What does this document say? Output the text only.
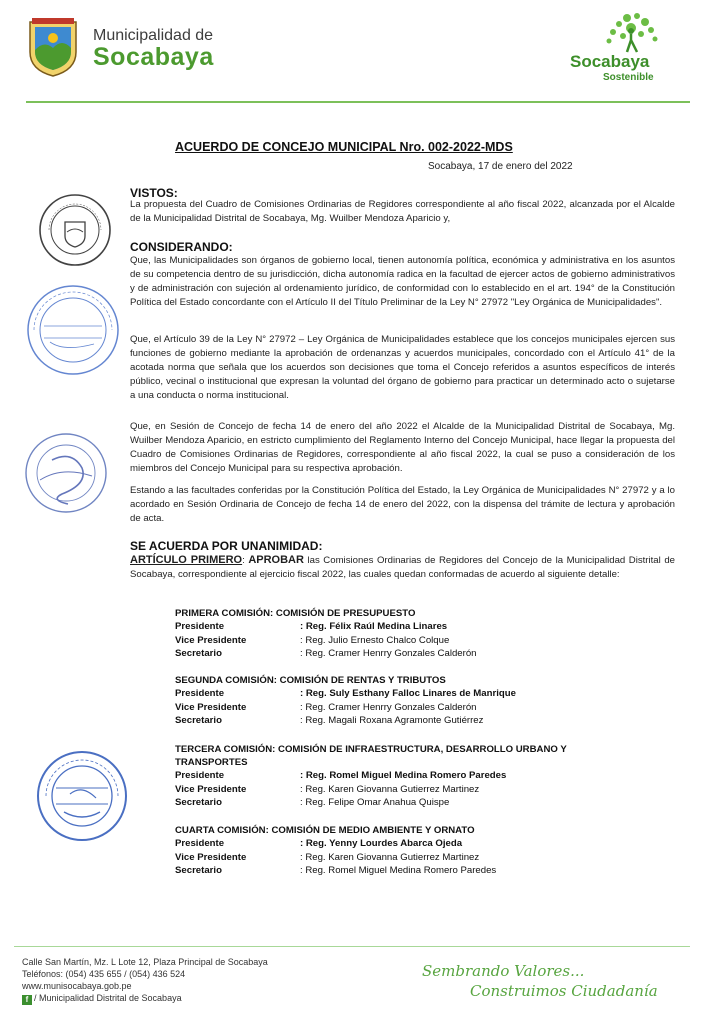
Municipalidad de
Socabaya	Socabaya
Sostenible
ACUERDO DE CONCEJO MUNICIPAL Nro. 002-2022-MDS
Socabaya, 17 de enero del 2022
VISTOS:
La propuesta del Cuadro de Comisiones Ordinarias de Regidores correspondiente al año fiscal 2022, alcanzada por el Alcalde de la Municipalidad Distrital de Socabaya, Mg. Wuilber Mendoza Aparicio y,
CONSIDERANDO:
Que, las Municipalidades son órganos de gobierno local, tienen autonomía política, económica y administrativa en los asuntos de su competencia dentro de su jurisdicción, dicha autonomía radica en la facultad de ejercer actos de gobierno administrativos y de administración con sujeción al ordenamiento jurídico, de conformidad con lo establecido en el art. 194° de la Constitución Política del Estado concordante con el Artículo II del Título Preliminar de la Ley N° 27972 "Ley Orgánica de Municipalidades".
Que, el Artículo 39 de la Ley N° 27972 – Ley Orgánica de Municipalidades establece que los concejos municipales ejercen sus funciones de gobierno mediante la aprobación de ordenanzas y acuerdos municipales, concordado con el Artículo 41° de la acotada norma que señala que los acuerdos son decisiones que toma el Concejo referidos a asuntos específicos de interés público, vecinal o institucional que expresan la voluntad del órgano de gobierno para practicar un determinado acto o sujetarse a una conducta o norma institucional.
Que, en Sesión de Concejo de fecha 14 de enero del año 2022 el Alcalde de la Municipalidad Distrital de Socabaya, Mg. Wuilber Mendoza Aparicio, en estricto cumplimiento del Reglamento Interno del Concejo Municipal, hace llegar la propuesta del Cuadro de Comisiones Ordinarias de Regidores, correspondiente al año fiscal 2022, la cual se puso a consideración de los miembros del Concejo Municipal para su respectiva aprobación.
Estando a las facultades conferidas por la Constitución Política del Estado, la Ley Orgánica de Municipalidades N° 27972 y a lo acordado en Sesión Ordinaria de Concejo de fecha 14 de enero del 2022, con la dispensa del trámite de lectura y aprobación de acta.
SE ACUERDA POR UNANIMIDAD:
ARTÍCULO PRIMERO: APROBAR las Comisiones Ordinarias de Regidores del Concejo de la Municipalidad Distrital de Socabaya, correspondiente al ejercicio fiscal 2022, las cuales quedan conformadas de acuerdo al siguiente detalle:
PRIMERA COMISIÓN: COMISIÓN DE PRESUPUESTO
Presidente	: Reg. Félix Raúl Medina Linares
Vice Presidente	: Reg. Julio Ernesto Chalco Colque
Secretario	: Reg. Cramer Henrry Gonzales Calderón
SEGUNDA COMISIÓN: COMISIÓN DE RENTAS Y TRIBUTOS
Presidente	: Reg. Suly Esthany Falloc Linares de Manrique
Vice Presidente	: Reg. Cramer Henrry Gonzales Calderón
Secretario	: Reg. Magali Roxana Agramonte Gutiérrez
TERCERA COMISIÓN: COMISIÓN DE INFRAESTRUCTURA, DESARROLLO URBANO Y TRANSPORTES
Presidente	: Reg. Romel Miguel Medina Romero Paredes
Vice Presidente	: Reg. Karen Giovanna Gutierrez Martinez
Secretario	: Reg. Felipe Omar Anahua Quispe
CUARTA COMISIÓN: COMISIÓN DE MEDIO AMBIENTE Y ORNATO
Presidente	: Reg. Yenny Lourdes Abarca Ojeda
Vice Presidente	: Reg. Karen Giovanna Gutierrez Martinez
Secretario	: Reg. Romel Miguel Medina Romero Paredes
Calle San Martín, Mz. L Lote 12, Plaza Principal de Socabaya
Teléfonos: (054) 435 655 / (054) 436 524
www.munisocabaya.gob.pe
f / Municipalidad Distrital de Socabaya
Sembrando Valores...
Construimos Ciudadanía
